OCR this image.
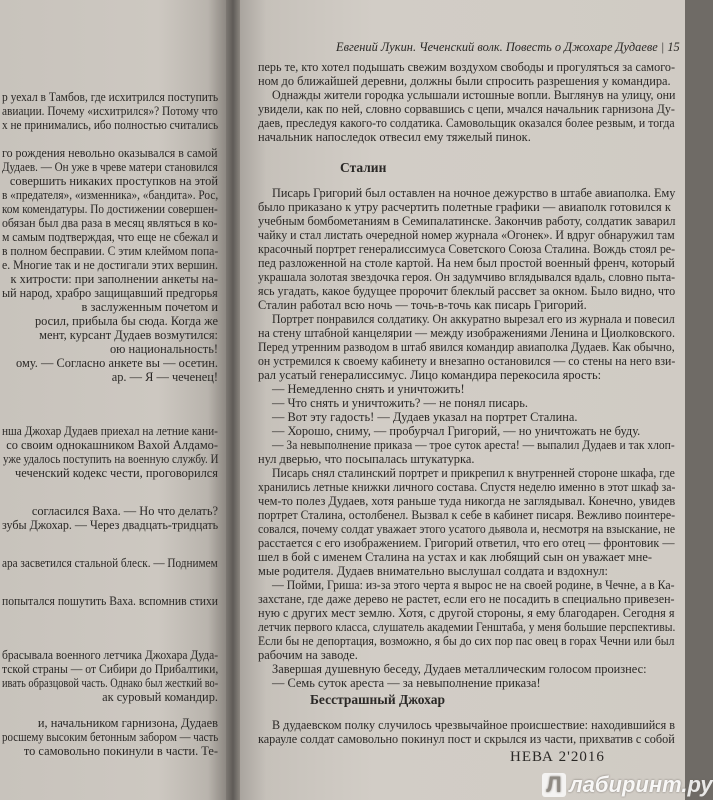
р уехал в Тамбов, где исхитрился поступить
авиации. Почему «исхитрился»? Потому что
х не принимались, ибо полностью считались
го рождения невольно оказывался в самой
Дудаев. — Он уже в чреве матери становился
совершить никаких проступков на этой
в «предателя», «изменника», «бандита». Рос,
ком комендатуры. По достижении совершен-
обязан был два раза в месяц являться в ко-
м самым подтверждая, что еще не сбежал и
в полном бесправии. С этим клеймом попа-
е. Многие так и не достигали этих вершин.
к хитрости: при заполнении анкеты на-
ый народ, храбро защищавший предгорья
в заслуженным почетом и
росил, прибыла бы сюда. Когда же
мент, курсант Дудаев возмутился:
ою национальность!
ому. — Согласно анкете вы — осетин.
ар. — Я — чеченец!
нша Джохар Дудаев приехал на летние кани-
со своим однокашником Вахой Алдамо-
уже удалось поступить на военную службу. И
чеченский кодекс чести, проговорился
согласился Ваха. — Но что делать?
зубы Джохар. — Через двадцать-тридцать
ара засветился стальной блеск. — Поднимем
попытался пошутить Ваха. вспомнив стихи
брасывала военного летчика Джохара Дуда-
тской страны — от Сибири до Прибалтики,
ивать образцовой часть. Однако был жесткий во-
ак суровый командир.
и, начальником гарнизона, Дудаев
росшему высоким бетонным забором — часть
то самовольно покинули в части. Те-
Евгений Лукин. Чеченский волк. Повесть о Джохаре Дудаеве | 15
Сталин
перь те, кто хотел подышать свежим воздухом свободы и прогуляться за самого-
ном до ближайшей деревни, должны были спросить разрешения у командира.
Однажды жители городка услышали истошные вопли. Выглянув на улицу, они
увидели, как по ней, словно сорвавшись с цепи, мчался начальник гарнизона Ду-
даев, преследуя какого-то солдатика. Самовольщик оказался более резвым, и тогда
начальник напоследок отвесил ему тяжелый пинок.
Писарь Григорий был оставлен на ночное дежурство в штабе авиаполка. Ему
было приказано к утру расчертить полетные графики — авиаполк готовился к
учебным бомбометаниям в Семипалатинске. Закончив работу, солдатик заварил
чайку и стал листать очередной номер журнала «Огонек». И вдруг обнаружил там
красочный портрет генералиссимуса Советского Союза Сталина. Вождь стоял ре-
пед разложенной на столе картой. На нем был простой военный френч, который
украшала золотая звездочка героя. Он задумчиво вглядывался вдаль, словно пыта-
ясь угадать, какое будущее пророчит блеклый рассвет за окном. Было видно, что
Сталин работал всю ночь — точь-в-точь как писарь Григорий.
Портрет понравился солдатику. Он аккуратно вырезал его из журнала и повесил
на стену штабной канцелярии — между изображениями Ленина и Циолковского.
Перед утренним разводом в штаб явился командир авиаполка Дудаев. Как обычно,
он устремился к своему кабинету и внезапно остановился — со стены на него взи-
рал усатый генералиссимус. Лицо командира перекосила ярость:
— Немедленно снять и уничтожить!
— Что снять и уничтожить? — не понял писарь.
— Вот эту гадость! — Дудаев указал на портрет Сталина.
— Хорошо, сниму, — пробурчал Григорий, — но уничтожать не буду.
— За невыполнение приказа — трое суток ареста! — выпалил Дудаев и так хлоп-
нул дверью, что посыпалась штукатурка.
Писарь снял сталинский портрет и прикрепил к внутренней стороне шкафа, где
хранились летные книжки личного состава. Спустя неделю именно в этот шкаф за-
чем-то полез Дудаев, хотя раньше туда никогда не заглядывал. Конечно, увидев
портрет Сталина, остолбенел. Вызвал к себе в кабинет писаря. Вежливо поинтере-
совался, почему солдат уважает этого усатого дьявола и, несмотря на взыскание, не
расстается с его изображением. Григорий ответил, что его отец — фронтовик —
шел в бой с именем Сталина на устах и как любящий сын он уважает мне-
мые родителя. Дудаев внимательно выслушал солдата и вздохнул:
— Пойми, Гриша: из-за этого черта я вырос не на своей родине, в Чечне, а в Ка-
захстане, где даже дерево не растет, если его не посадить в специально привезен-
ную с других мест землю. Хотя, с другой стороны, я ему благодарен. Сегодня я
летчик первого класса, слушатель академии Генштаба, у меня большие перспективы.
Если бы не депортация, возможно, я бы до сих пор пас овец в горах Чечни или был
рабочим на заводе.
Завершая душевную беседу, Дудаев металлическим голосом произнес:
— Семь суток ареста — за невыполнение приказа!
В дудаевском полку случилось чрезвычайное происшествие: находившийся в
карауле солдат самовольно покинул пост и скрылся из части, прихватив с собой
Бесстрашный Джохар
НЕВА 2'2016
Л лабиринт.ру
